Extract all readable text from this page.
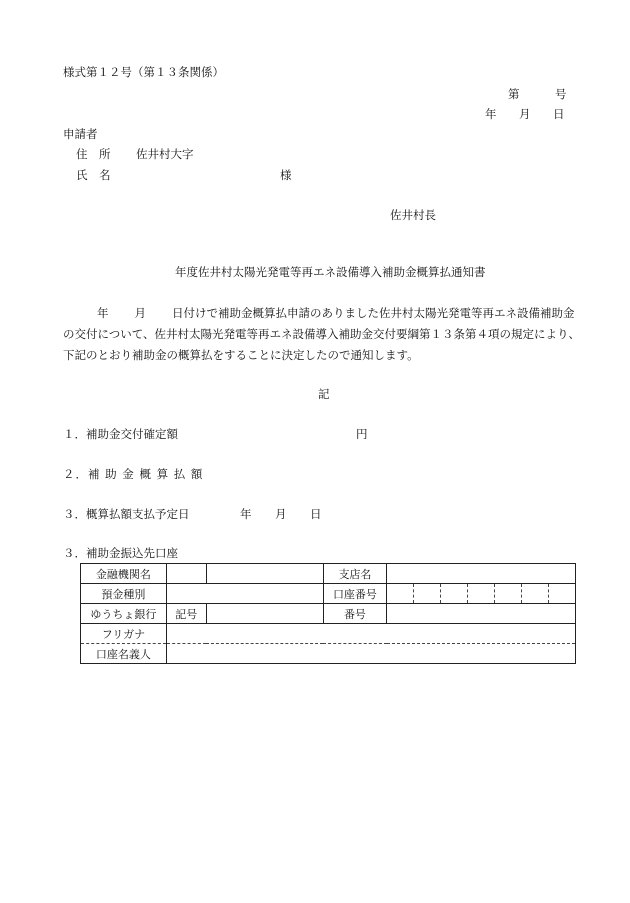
様式第１２号（第１３条関係）
第	号
年 月 日
申請者
住　所 佐井村大字
氏　名	様
佐井村長
年度佐井村太陽光発電等再エネ設備導入補助金概算払通知書
年 月 日付けで補助金概算払申請のありました佐井村太陽光発電等再エネ設備補助金
の交付について、佐井村太陽光発電等再エネ設備導入補助金交付要綱第１３条第４項の規定により、
下記のとおり補助金の概算払をすることに決定したので通知します。
記
１．補助金交付確定額	円
２．補 助 金 概 算 払 額
３．概算払額支払予定日	年 月 日
３．補助金振込先口座
金融機関名			支店名	
預金種別			口座番号	

ゆうちょ銀行	記号		番号	
フリガナ				
口座名義人				
